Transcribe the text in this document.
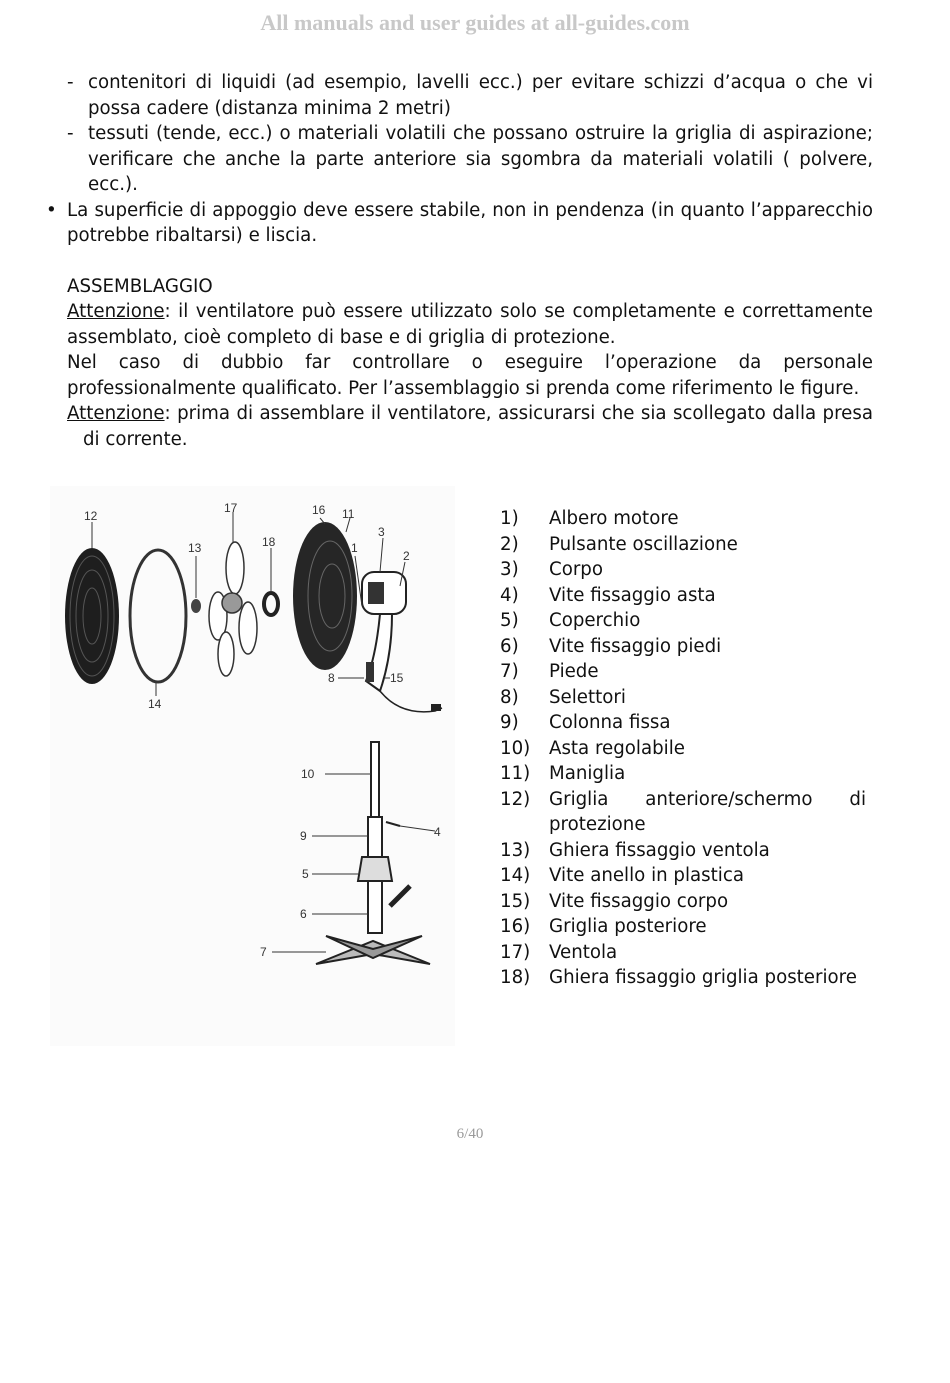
All manuals and user guides at all-guides.com
- contenitori di liquidi (ad esempio, lavelli ecc.) per evitare schizzi d’acqua o che vi possa cadere (distanza minima 2 metri)
- tessuti (tende, ecc.) o materiali volatili che possano ostruire la griglia di aspirazione; verificare che anche la parte anteriore sia sgombra da materiali volatili ( polvere, ecc.).
• La superficie di appoggio deve essere stabile, non in pendenza (in quanto l’apparecchio potrebbe ribaltarsi) e liscia.
ASSEMBLAGGIO
Attenzione: il ventilatore può essere utilizzato solo se completamente e correttamente assemblato, cioè completo di base e di griglia di protezione.
Nel caso di dubbio far controllare o eseguire l’operazione da personale professionalmente qualificato. Per l’assemblaggio si prenda come riferimento le figure.
Attenzione: prima di assemblare il ventilatore, assicurarsi che sia scollegato dalla presa di corrente.
12
17	16 11
13	18
3
1
2
14
8	15
10
9	4
5
6
7
1) Albero motore
2) Pulsante oscillazione
3) Corpo
4) Vite fissaggio asta
5) Coperchio
6) Vite fissaggio piedi
7) Piede
8) Selettori
9) Colonna fissa
10) Asta regolabile
11) Maniglia
12) Griglia anteriore/schermo di protezione
13) Ghiera fissaggio ventola
14) Vite anello in plastica
15) Vite fissaggio corpo
16) Griglia posteriore
17) Ventola
18) Ghiera fissaggio griglia posteriore
6/40
